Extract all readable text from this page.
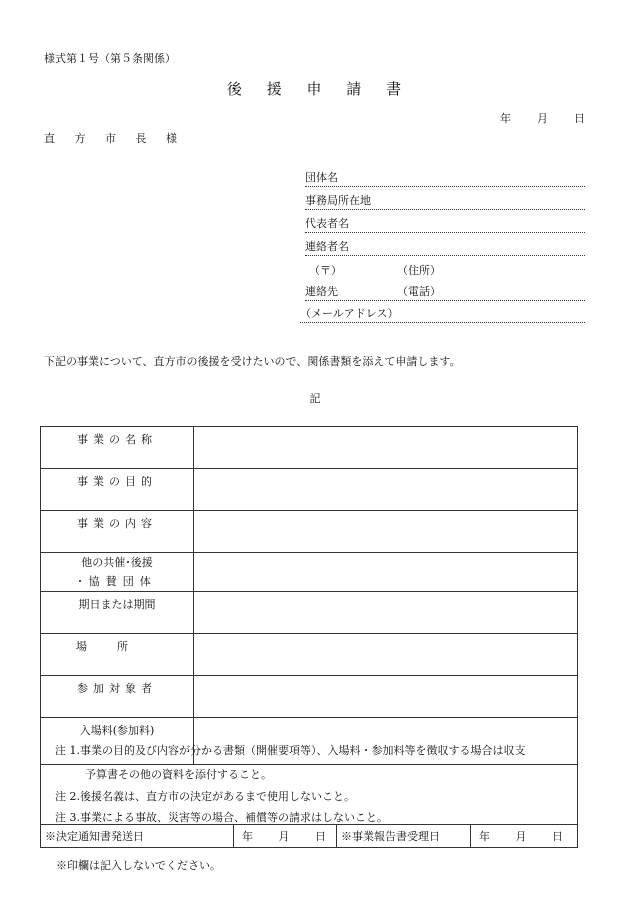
様式第１号（第５条関係）
後 援 申 請 書
年 月 日
直 方 市 長 様
団体名
事務局所在地
代表者名
連絡者名
（〒）	（住所）
連絡先	（電話）
（メールアドレス）
下記の事業について、直方市の後援を受けたいので、関係書類を添えて申請します。
記
事業の名称	
事業の目的	
事業の内容	

他の共催･後援
･協賛団体	

期日または期間	
場所	
参加対象者	
入場料(参加料)	
注 1.事業の目的及び内容が分かる書類（開催要項等）、入場料・参加料等を徴収する場合は収支
予算書その他の資料を添付すること。
注 2.後援名義は、直方市の決定があるまで使用しないこと。
注 3.事業による事故、災害等の場合、補償等の請求はしないこと。
※決定通知書発送日	年 月 日	※事業報告書受理日	年 月 日
※印欄は記入しないでください。
